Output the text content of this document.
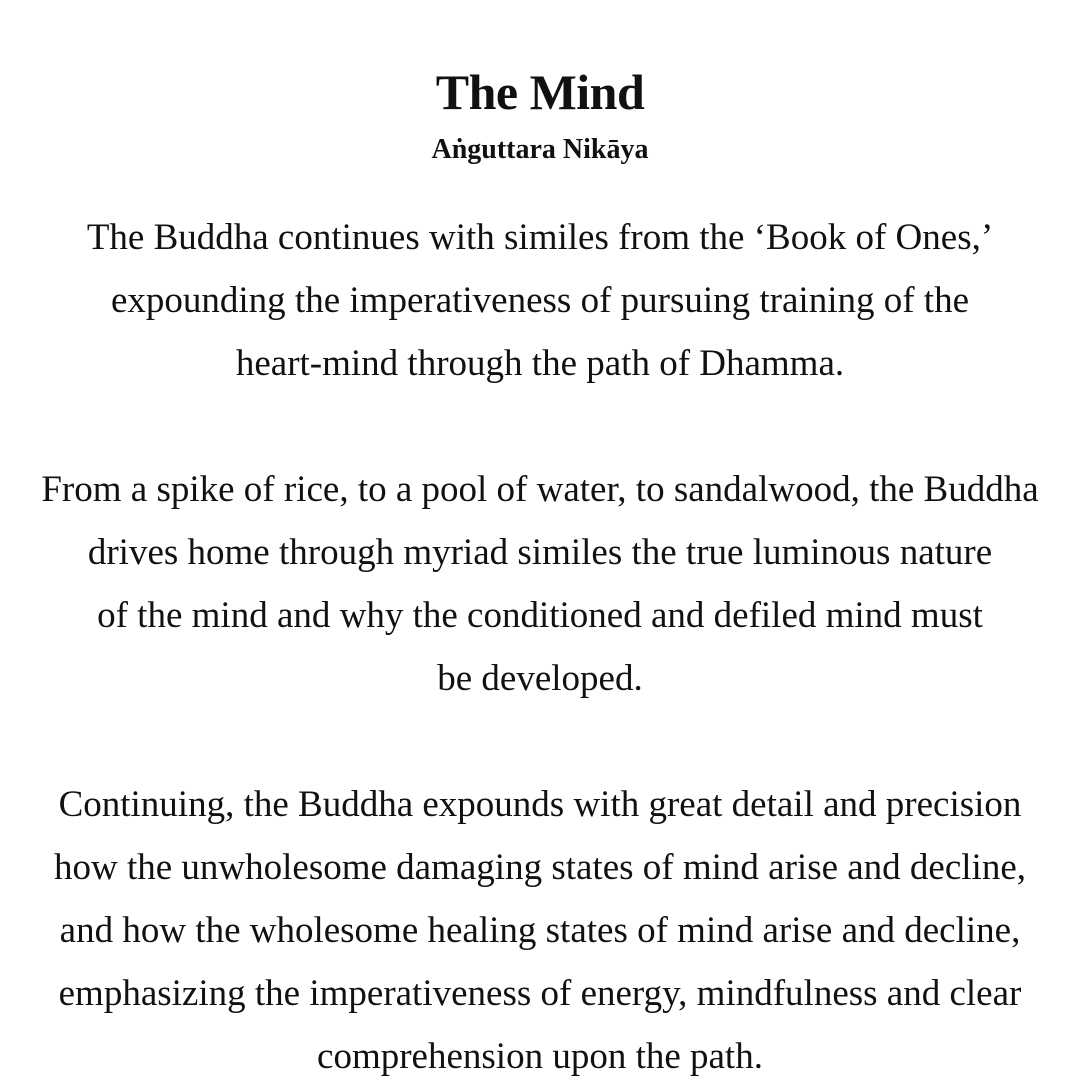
The Mind
Aṅguttara Nikāya

The Buddha continues with similes from the ‘Book of Ones,’
expounding the imperativeness of pursuing training of the
heart-mind through the path of Dhamma.

From a spike of rice, to a pool of water, to sandalwood, the Buddha
drives home through myriad similes the true luminous nature
of the mind and why the conditioned and defiled mind must
be developed.

Continuing, the Buddha expounds with great detail and precision
how the unwholesome damaging states of mind arise and decline,
and how the wholesome healing states of mind arise and decline,
emphasizing the imperativeness of energy, mindfulness and clear
comprehension upon the path.
